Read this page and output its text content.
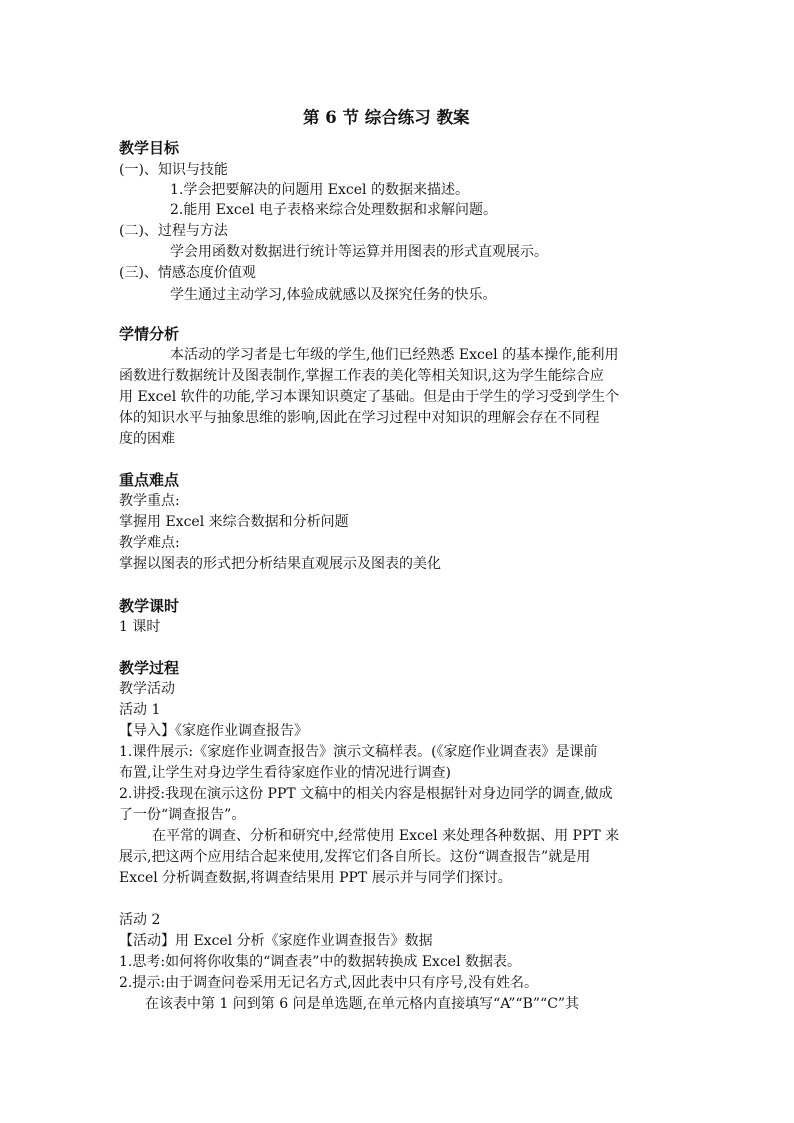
第 6 节 综合练习 教案
教学目标
(一)、知识与技能
1.学会把要解决的问题用 Excel 的数据来描述。
2.能用 Excel 电子表格来综合处理数据和求解问题。
(二)、过程与方法
学会用函数对数据进行统计等运算并用图表的形式直观展示。
(三)、情感态度价值观
学生通过主动学习,体验成就感以及探究任务的快乐。
学情分析
本活动的学习者是七年级的学生,他们已经熟悉 Excel 的基本操作,能利用
函数进行数据统计及图表制作,掌握工作表的美化等相关知识,这为学生能综合应
用 Excel 软件的功能,学习本课知识奠定了基础。但是由于学生的学习受到学生个
体的知识水平与抽象思维的影响,因此在学习过程中对知识的理解会存在不同程
度的困难
重点难点
教学重点:
掌握用 Excel 来综合数据和分析问题
教学难点:
掌握以图表的形式把分析结果直观展示及图表的美化
教学课时
1 课时
教学过程
教学活动
活动 1
【导入】《家庭作业调查报告》
1.课件展示:《家庭作业调查报告》演示文稿样表。(《家庭作业调查表》是课前
布置,让学生对身边学生看待家庭作业的情况进行调查)
2.讲授:我现在演示这份 PPT 文稿中的相关内容是根据针对身边同学的调查,做成
了一份“调查报告”。
在平常的调查、分析和研究中,经常使用 Excel 来处理各种数据、用 PPT 来
展示,把这两个应用结合起来使用,发挥它们各自所长。这份“调查报告”就是用
Excel 分析调查数据,将调查结果用 PPT 展示并与同学们探讨。
活动 2
【活动】用 Excel 分析《家庭作业调查报告》数据
1.思考:如何将你收集的“调查表”中的数据转换成 Excel 数据表。
2.提示:由于调查问卷采用无记名方式,因此表中只有序号,没有姓名。
在该表中第 1 问到第 6 问是单选题,在单元格内直接填写“A”“B”“C”其
